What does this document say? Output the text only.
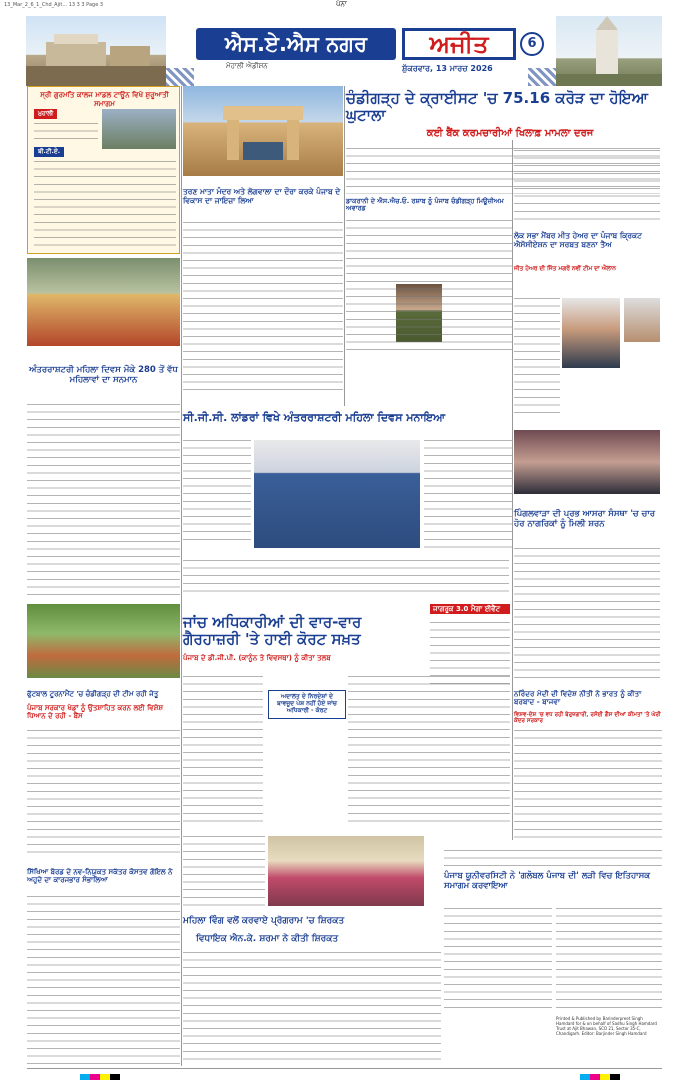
13_Mar_2_6_1_Chd_Ajit... 13 3 3 Page 3	ਪੰਨਾ
ਐਸ.ਏ.ਐਸ ਨਗਰ	ਅਜੀਤ	6
ਮੋਹਾਲੀ ਐਡੀਸ਼ਨ	ਸ਼ੁੱਕਰਵਾਰ, 13 ਮਾਰਚ 2026
ਸ੍ਰੀ ਗੁਰਮਤਿ ਕਾਲਜ ਮਾਡਲ ਟਾਊਨ ਵਿਖੇ ਸ਼ੁਰੂਆਤੀ ਸਮਾਗਮ
ਮੁਹਾਲੀ
ਬੀ.ਟੀ.ਏ.

ਤਰਣ ਮਾਤਾ ਮੰਦਰ ਅਤੇ ਲੋਗਵਾਲਾ ਦਾ ਦੌਰਾ ਕਰਕੇ ਪੰਜਾਬ ਦੇ ਵਿਕਾਸ ਦਾ ਜਾਇਜ਼ਾ ਲਿਆ
ਚੰਡੀਗੜ੍ਹ ਦੇ ਕ੍ਰਾਈਸਟ 'ਚ 75.16 ਕਰੋੜ ਦਾ ਹੋਇਆ ਘੁਟਾਲਾ
ਕਈ ਬੈਂਕ ਕਰਮਚਾਰੀਆਂ ਖਿਲਾਫ਼ ਮਾਮਲਾ ਦਰਜ
ਡਾਕਰਾਨੀ ਦੇ ਐਸ.ਐਚ.ਓ. ਰਸ਼ਾਬ ਨੂੰ ਪੰਜਾਬ ਚੰਡੀਗੜ੍ਹ ਮਿਊਜ਼ੀਅਮ ਅਵਾਰਡ
ਲੋਕ ਸਭਾ ਮੈਂਬਰ ਮੀਤ ਹੇਅਰ ਦਾ ਪੰਜਾਬ ਕ੍ਰਿਕਟ ਐਸੋਸੀਏਸ਼ਨ ਦਾ ਸਰਬਤ ਬਣਨਾ ਤੈਅ
ਜੀਤ ਹੋਅਰ ਦੀ ਜਿੱਤ ਮਗਰੋਂ ਨਵੀਂ ਟੀਮ ਦਾ ਐਲਾਨ
ਅੰਤਰਰਾਸ਼ਟਰੀ ਮਹਿਲਾ ਦਿਵਸ ਮੌਕੇ 280 ਤੋਂ ਵੱਧ ਮਹਿਲਾਵਾਂ ਦਾ ਸਨਮਾਨ
ਸੀ.ਜੀ.ਸੀ. ਲਾਂਡਰਾਂ ਵਿਖੇ ਅੰਤਰਰਾਸ਼ਟਰੀ ਮਹਿਲਾ ਦਿਵਸ ਮਨਾਇਆ
ਪਿੰਗਲਵਾੜਾ ਦੀ ਪ੍ਰਭ ਆਸਰਾ ਸੰਸਥਾ 'ਚ ਚਾਰ ਹੋਰ ਨਾਗਰਿਕਾਂ ਨੂੰ ਮਿਲੀ ਸ਼ਰਨ
ਜਾਂਚ ਅਧਿਕਾਰੀਆਂ ਦੀ ਵਾਰ-ਵਾਰ ਗੈਰਹਾਜ਼ਰੀ 'ਤੇ ਹਾਈ ਕੋਰਟ ਸਖ਼ਤ
ਪੰਜਾਬ ਦੇ ਡੀ.ਜੀ.ਪੀ. (ਕਾਨੂੰਨ ਤੇ ਵਿਵਸਥਾ) ਨੂੰ ਕੀਤਾ ਤਲਬ
ਜਾਗਰੂਕ 3.0 ਮੈਗਾ ਈਵੈਂਟ
ਫੁੱਟਬਾਲ ਟੂਰਨਾਮੈਂਟ 'ਚ ਚੰਡੀਗੜ੍ਹ ਦੀ ਟੀਮ ਰਹੀ ਜੇਤੂ
ਪੰਜਾਬ ਸਰਕਾਰ ਖੇਡਾਂ ਨੂੰ ਉਤਸ਼ਾਹਿਤ ਕਰਨ ਲਈ ਵਿਸ਼ੇਸ਼ ਧਿਆਨ ਦੇ ਰਹੀ - ਬੈਂਸ
ਅਦਾਲਤ ਦੇ ਨਿਰਦੇਸ਼ਾਂ ਦੇ ਬਾਵਜੂਦ ਪੇਸ਼ ਨਹੀਂ ਹੋਏ ਜਾਂਚ ਅਧਿਕਾਰੀ - ਕੋਰਟ
ਨਰਿੰਦਰ ਮੋਦੀ ਦੀ ਵਿਦੇਸ਼ ਨੀਤੀ ਨੇ ਭਾਰਤ ਨੂੰ ਕੀਤਾ ਬਰਬਾਦ - ਬਾਜਵਾ
ਵਿਸ਼ਵ-ਦੇਸ਼ 'ਚ ਵਧ ਰਹੀ ਬੇਰੁਜ਼ਗਾਰੀ, ਰਸੋਈ ਗੈਸ ਦੀਆਂ ਕੀਮਤਾਂ 'ਤੇ ਘੇਰੀ ਕੇਂਦਰ ਸਰਕਾਰ
ਸਿੱਖਿਆ ਬੋਰਡ ਦੇ ਨਵ-ਨਿਯੁਕਤ ਸਕੱਤਰ ਕੋਸਤਵ ਗੋਇਲ ਨੇ ਅਹੁਦੇ ਦਾ ਕਾਰਜਭਾਰ ਸੰਭਾਲਿਆ
ਮਹਿਲਾ ਵਿੰਗ ਵਲੋਂ ਕਰਵਾਏ ਪ੍ਰੋਗਰਾਮ 'ਚ ਸ਼ਿਰਕਤ
ਵਿਧਾਇਕ ਐਨ.ਕੇ. ਸ਼ਰਮਾ ਨੇ ਕੀਤੀ ਸ਼ਿਰਕਤ
ਪੰਜਾਬ ਯੂਨੀਵਰਸਿਟੀ ਨੇ 'ਗਲੋਬਲ ਪੰਜਾਬ ਦੀ' ਲੜੀ ਵਿਚ ਇਤਿਹਾਸਕ ਸਮਾਗਮ ਕਰਵਾਇਆ
Printed & Published by Barinderpreet Singh Hamdard for & on behalf of Sadhu Singh Hamdard Trust at Ajit Bhawan, SCO 21, Sector 35-C, Chandigarh. Editor: Barjinder Singh Hamdard
